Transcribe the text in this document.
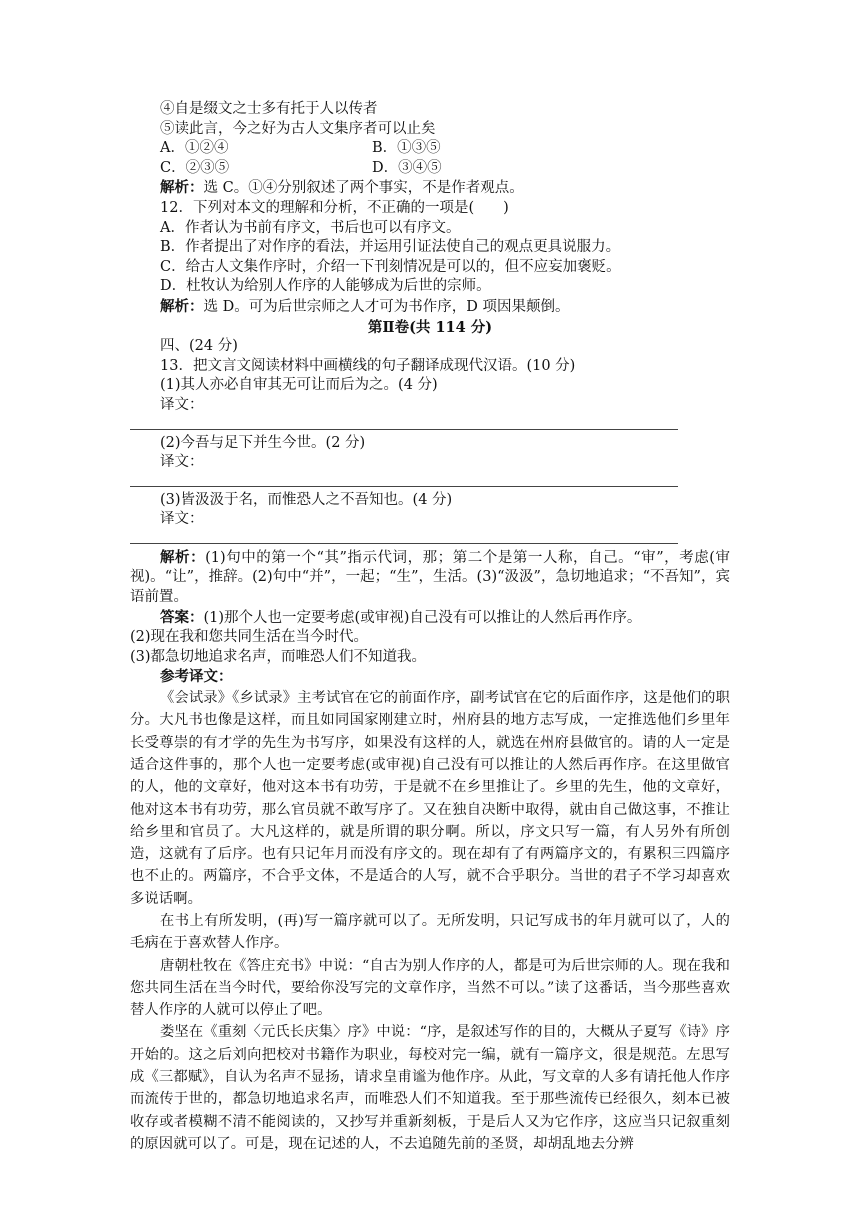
④自是缀文之士多有托于人以传者
⑤读此言，今之好为古人文集序者可以止矣
A．①②④	B．①③⑤
C．②③⑤	D．③④⑤
解析：选 C。①④分别叙述了两个事实，不是作者观点。
12．下列对本文的理解和分析，不正确的一项是(　　)
A．作者认为书前有序文，书后也可以有序文。
B．作者提出了对作序的看法，并运用引证法使自己的观点更具说服力。
C．给古人文集作序时，介绍一下刊刻情况是可以的，但不应妄加褒贬。
D．杜牧认为给别人作序的人能够成为后世的宗师。
解析：选 D。可为后世宗师之人才可为书作序，D 项因果颠倒。
第Ⅱ卷(共 114 分)
四、(24 分)
13．把文言文阅读材料中画横线的句子翻译成现代汉语。(10 分)
(1)其人亦必自审其无可让而后为之。(4 分)
译文：
(2)今吾与足下并生今世。(2 分)
译文：
(3)皆汲汲于名，而惟恐人之不吾知也。(4 分)
译文：
解析：(1)句中的第一个“其”指示代词，那；第二个是第一人称，自己。“审”，考虑(审视)。“让”，推辞。(2)句中“并”，一起；“生”，生活。(3)“汲汲”，急切地追求；“不吾知”，宾语前置。
答案：(1)那个人也一定要考虑(或审视)自己没有可以推让的人然后再作序。
(2)现在我和您共同生活在当今时代。
(3)都急切地追求名声，而唯恐人们不知道我。
参考译文：

《会试录》《乡试录》主考试官在它的前面作序，副考试官在它的后面作序，这是他们的职分。大凡书也像是这样，而且如同国家刚建立时，州府县的地方志写成，一定推选他们乡里年长受尊崇的有才学的先生为书写序，如果没有这样的人，就选在州府县做官的。请的人一定是适合这件事的，那个人也一定要考虑(或审视)自己没有可以推让的人然后再作序。在这里做官的人，他的文章好，他对这本书有功劳，于是就不在乡里推让了。乡里的先生，他的文章好，他对这本书有功劳，那么官员就不敢写序了。又在独自决断中取得，就由自己做这事，不推让给乡里和官员了。大凡这样的，就是所谓的职分啊。所以，序文只写一篇，有人另外有所创造，这就有了后序。也有只记年月而没有序文的。现在却有了有两篇序文的，有累积三四篇序也不止的。两篇序，不合乎文体，不是适合的人写，就不合乎职分。当世的君子不学习却喜欢多说话啊。

在书上有所发明，(再)写一篇序就可以了。无所发明，只记写成书的年月就可以了，人的毛病在于喜欢替人作序。

唐朝杜牧在《答庄充书》中说：“自古为别人作序的人，都是可为后世宗师的人。现在我和您共同生活在当今时代，要给你没写完的文章作序，当然不可以。”读了这番话，当今那些喜欢替人作序的人就可以停止了吧。

娄坚在《重刻〈元氏长庆集〉序》中说：“序，是叙述写作的目的，大概从子夏写《诗》序开始的。这之后刘向把校对书籍作为职业，每校对完一编，就有一篇序文，很是规范。左思写成《三都赋》，自认为名声不显扬，请求皇甫谧为他作序。从此，写文章的人多有请托他人作序而流传于世的，都急切地追求名声，而唯恐人们不知道我。至于那些流传已经很久，刻本已被收存或者模糊不清不能阅读的，又抄写并重新刻板，于是后人又为它作序，这应当只记叙重刻的原因就可以了。可是，现在记述的人，不去追随先前的圣贤，却胡乱地去分辨
